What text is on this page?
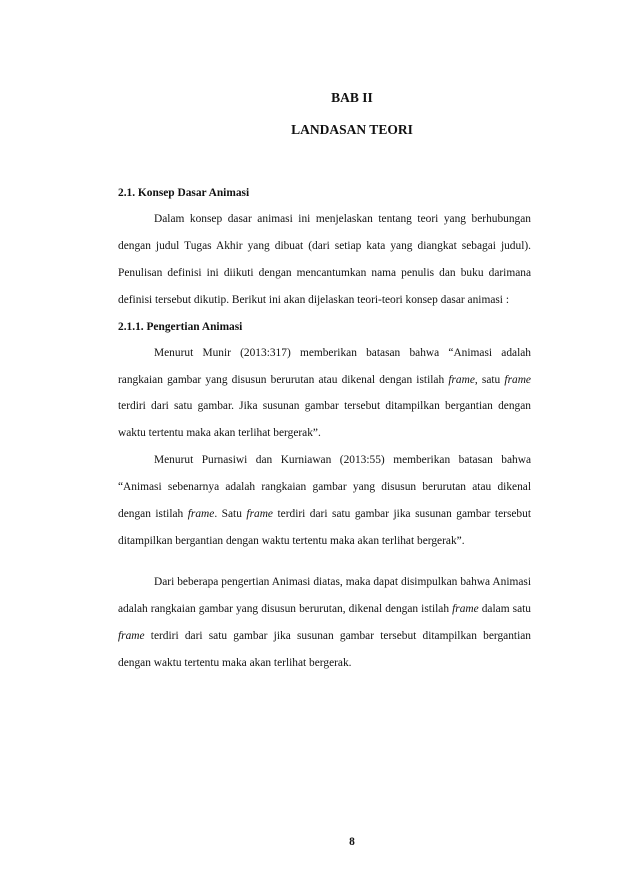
BAB II
LANDASAN TEORI

2.1. Konsep Dasar Animasi

Dalam konsep dasar animasi ini menjelaskan tentang teori yang berhubungan dengan judul Tugas Akhir yang dibuat (dari setiap kata yang diangkat sebagai judul). Penulisan definisi ini diikuti dengan mencantumkan nama penulis dan buku darimana definisi tersebut dikutip. Berikut ini akan dijelaskan teori-teori konsep dasar animasi :

2.1.1. Pengertian Animasi

Menurut Munir (2013:317) memberikan batasan bahwa “Animasi adalah rangkaian gambar yang disusun berurutan atau dikenal dengan istilah frame, satu frame terdiri dari satu gambar. Jika susunan gambar tersebut ditampilkan bergantian dengan waktu tertentu maka akan terlihat bergerak”.

Menurut Purnasiwi dan Kurniawan (2013:55) memberikan batasan bahwa “Animasi sebenarnya adalah rangkaian gambar yang disusun berurutan atau dikenal dengan istilah frame. Satu frame terdiri dari satu gambar jika susunan gambar tersebut ditampilkan bergantian dengan waktu tertentu maka akan terlihat bergerak”.

Dari beberapa pengertian Animasi diatas, maka dapat disimpulkan bahwa Animasi adalah rangkaian gambar yang disusun berurutan, dikenal dengan istilah frame dalam satu frame terdiri dari satu gambar jika susunan gambar tersebut ditampilkan bergantian dengan waktu tertentu maka akan terlihat bergerak.

8
